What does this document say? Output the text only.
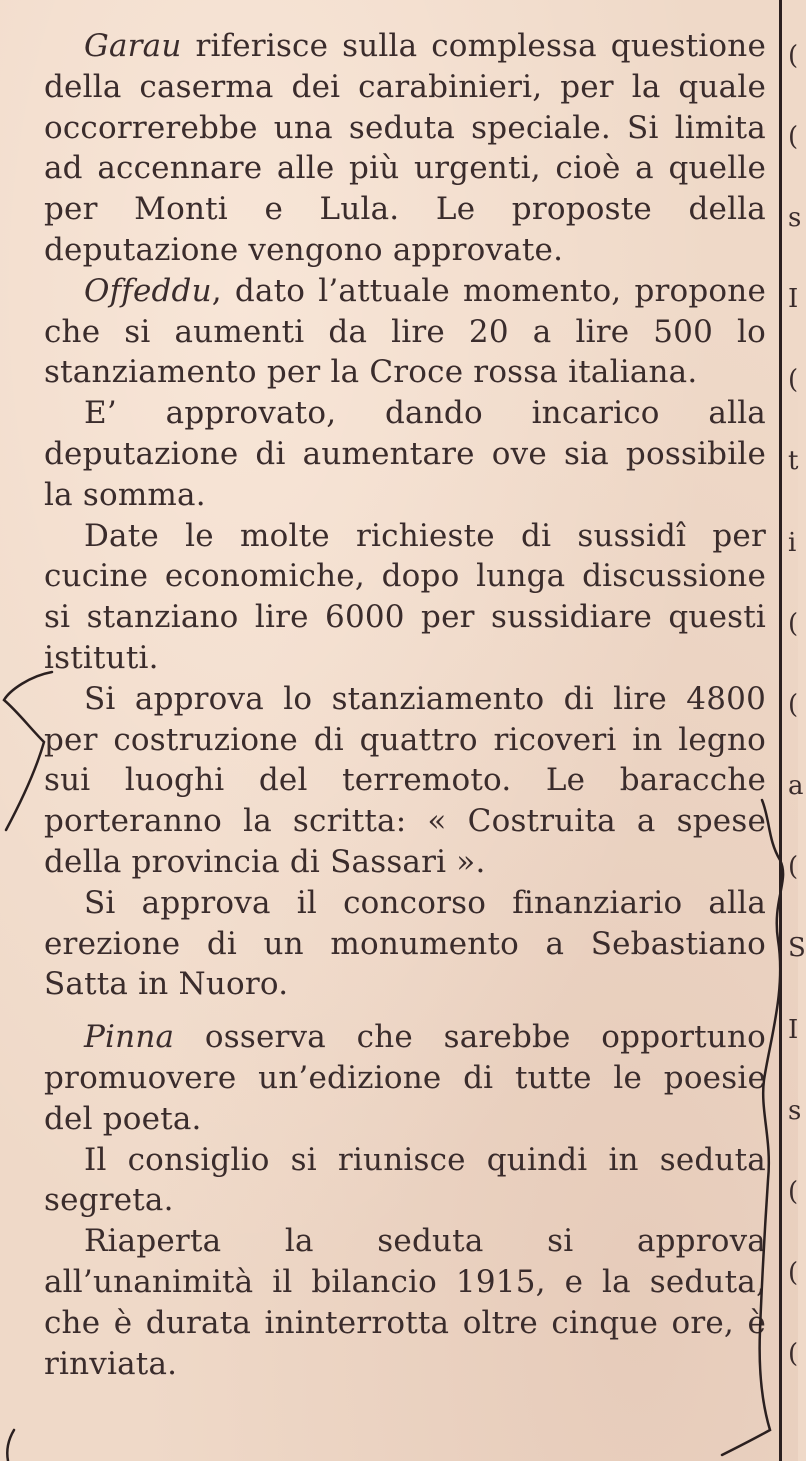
Garau riferisce sulla complessa questione della caserma dei carabinieri, per la quale occorrerebbe una seduta speciale. Si limita ad accennare alle più urgenti, cioè a quelle per Monti e Lula. Le proposte della deputazione vengono approvate.

Offeddu, dato l’attuale momento, propone che si aumenti da lire 20 a lire 500 lo stanziamento per la Croce rossa italiana.

E’ approvato, dando incarico alla deputazione di aumentare ove sia possibile la somma.

Date le molte richieste di sussidî per cucine economiche, dopo lunga discussione si stanziano lire 6000 per sussidiare questi istituti.

Si approva lo stanziamento di lire 4800 per costruzione di quattro ricoveri in legno sui luoghi del terremoto. Le baracche porteranno la scritta: « Costruita a spese della provincia di Sassari ».

Si approva il concorso finanziario alla erezione di un monumento a Sebastiano Satta in Nuoro.

Pinna osserva che sarebbe opportuno promuovere un’edizione di tutte le poesie del poeta.

Il consiglio si riunisce quindi in seduta segreta.

Riaperta la seduta si approva all’unanimità il bilancio 1915, e la seduta, che è durata ininterrotta oltre cinque ore, è rinviata.

(
(
s
I
(
t
i
(
(
a
(
S
I
s
(
(
(
